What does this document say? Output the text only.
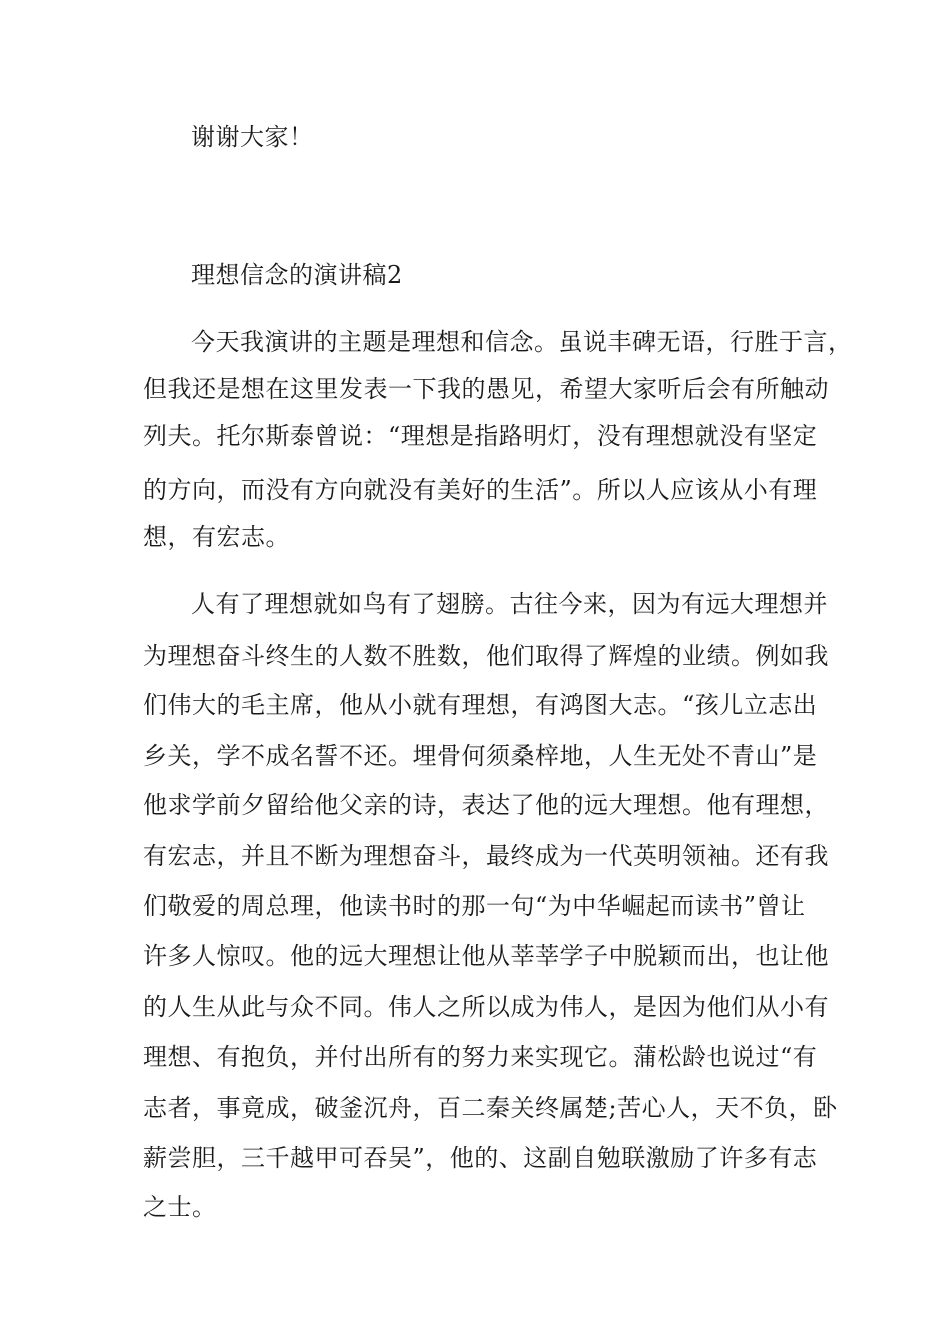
谢谢大家！
理想信念的演讲稿2
今天我演讲的主题是理想和信念。虽说丰碑无语，行胜于言，
但我还是想在这里发表一下我的愚见，希望大家听后会有所触动
列夫。托尔斯泰曾说：“理想是指路明灯，没有理想就没有坚定
的方向，而没有方向就没有美好的生活”。所以人应该从小有理
想，有宏志。
人有了理想就如鸟有了翅膀。古往今来，因为有远大理想并
为理想奋斗终生的人数不胜数，他们取得了辉煌的业绩。例如我
们伟大的毛主席，他从小就有理想，有鸿图大志。“孩儿立志出
乡关，学不成名誓不还。埋骨何须桑梓地，人生无处不青山”是
他求学前夕留给他父亲的诗，表达了他的远大理想。他有理想，
有宏志，并且不断为理想奋斗，最终成为一代英明领袖。还有我
们敬爱的周总理，他读书时的那一句“为中华崛起而读书”曾让
许多人惊叹。他的远大理想让他从莘莘学子中脱颖而出，也让他
的人生从此与众不同。伟人之所以成为伟人，是因为他们从小有
理想、有抱负，并付出所有的努力来实现它。蒲松龄也说过“有
志者，事竟成，破釜沉舟，百二秦关终属楚;苦心人，天不负，卧
薪尝胆，三千越甲可吞吴”，他的、这副自勉联激励了许多有志
之士。
